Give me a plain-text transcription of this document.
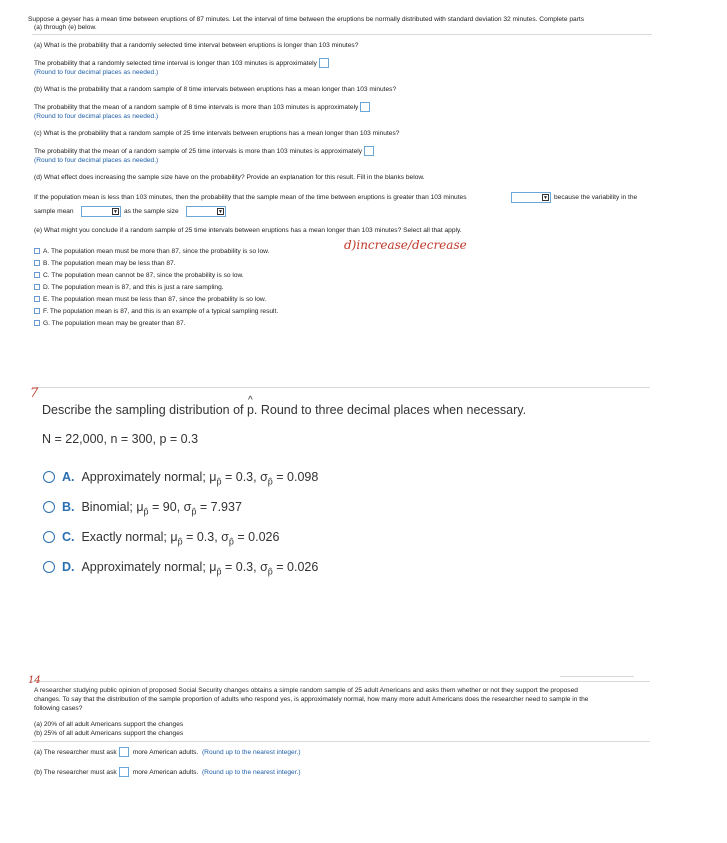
Suppose a geyser has a mean time between eruptions of 87 minutes. Let the interval of time between the eruptions be normally distributed with standard deviation 32 minutes. Complete parts
(a) through (e) below.
(a) What is the probability that a randomly selected time interval between eruptions is longer than 103 minutes?
The probability that a randomly selected time interval is longer than 103 minutes is approximately
(Round to four decimal places as needed.)
(b) What is the probability that a random sample of 8 time intervals between eruptions has a mean longer than 103 minutes?
The probability that the mean of a random sample of 8 time intervals is more than 103 minutes is approximately
(Round to four decimal places as needed.)
(c) What is the probability that a random sample of 25 time intervals between eruptions has a mean longer than 103 minutes?
The probability that the mean of a random sample of 25 time intervals is more than 103 minutes is approximately
(Round to four decimal places as needed.)
(d) What effect does increasing the sample size have on the probability? Provide an explanation for this result. Fill in the blanks below.
If the population mean is less than 103 minutes, then the probability that the sample mean of the time between eruptions is greater than 103 minutes	▼ because the variability in the
sample mean	▼ as the sample size	▼
(e) What might you conclude if a random sample of 25 time intervals between eruptions has a mean longer than 103 minutes? Select all that apply.
d)increase/decrease
A. The population mean must be more than 87, since the probability is so low.
B. The population mean may be less than 87.
C. The population mean cannot be 87, since the probability is so low.
D. The population mean is 87, and this is just a rare sampling.
E. The population mean must be less than 87, since the probability is so low.
F. The population mean is 87, and this is an example of a typical sampling result.
G. The population mean may be greater than 87.
7
Describe the sampling distribution of
^
p. Round to three decimal places when necessary.
N = 22,000, n = 300, p = 0.3
A. Approximately normal; $\mu_{p̂} = 0.3$, $\sigma_{p̂} = 0.098$
B. Binomial; $\mu_{p̂} = 90$, $\sigma_{p̂} = 7.937$
C. Exactly normal; $\mu_{p̂} = 0.3$, $\sigma_{p̂} = 0.026$
D. Approximately normal; $\mu_{p̂} = 0.3$, $\sigma_{p̂} = 0.026$
14
A researcher studying public opinion of proposed Social Security changes obtains a simple random sample of 25 adult Americans and asks them whether or not they support the proposed
changes. To say that the distribution of the sample proportion of adults who respond yes, is approximately normal, how many more adult Americans does the researcher need to sample in the
following cases?
(a) 20% of all adult Americans support the changes
(b) 25% of all adult Americans support the changes
(a) The researcher must ask more American adults. (Round up to the nearest integer.)
(b) The researcher must ask more American adults. (Round up to the nearest integer.)
